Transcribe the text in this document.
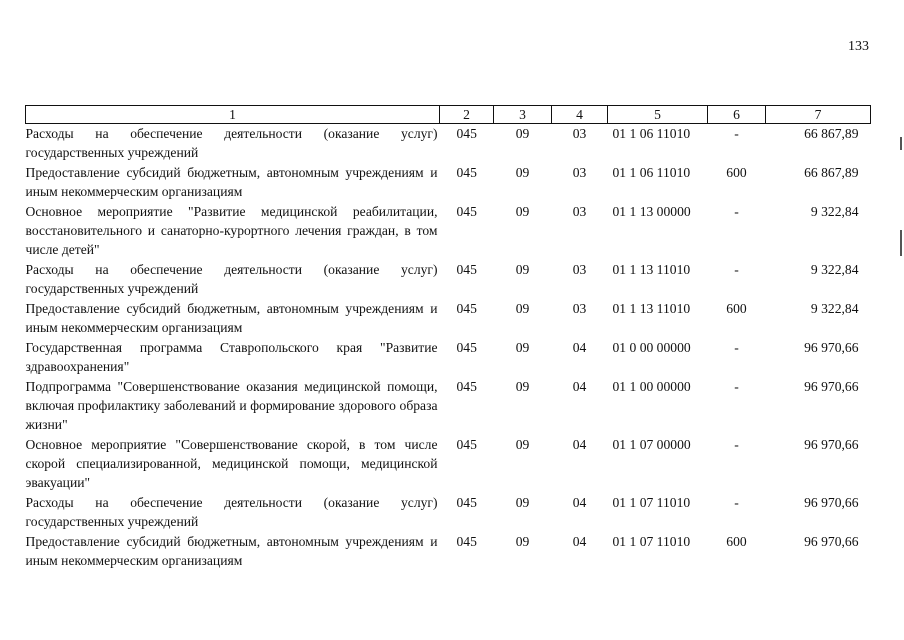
133
1	2	3	4	5	6	7
Расходы на обеспечение деятельности (оказание услуг) государственных учреждений	045	09	03	01 1 06 11010	-	66 867,89
Предоставление субсидий бюджетным, автономным учреждениям и иным некоммерческим организациям	045	09	03	01 1 06 11010	600	66 867,89
Основное мероприятие "Развитие медицинской реабилитации, восстановительного и санаторно-курортного лечения граждан, в том числе детей"	045	09	03	01 1 13 00000	-	9 322,84
Расходы на обеспечение деятельности (оказание услуг) государственных учреждений	045	09	03	01 1 13 11010	-	9 322,84
Предоставление субсидий бюджетным, автономным учреждениям и иным некоммерческим организациям	045	09	03	01 1 13 11010	600	9 322,84
Государственная программа Ставропольского края "Развитие здравоохранения"	045	09	04	01 0 00 00000	-	96 970,66
Подпрограмма "Совершенствование оказания медицинской помощи, включая профилактику заболеваний и формирование здорового образа жизни"	045	09	04	01 1 00 00000	-	96 970,66
Основное мероприятие "Совершенствование скорой, в том числе скорой специализированной, медицинской помощи, медицинской эвакуации"	045	09	04	01 1 07 00000	-	96 970,66
Расходы на обеспечение деятельности (оказание услуг) государственных учреждений	045	09	04	01 1 07 11010	-	96 970,66
Предоставление субсидий бюджетным, автономным учреждениям и иным некоммерческим организациям	045	09	04	01 1 07 11010	600	96 970,66
